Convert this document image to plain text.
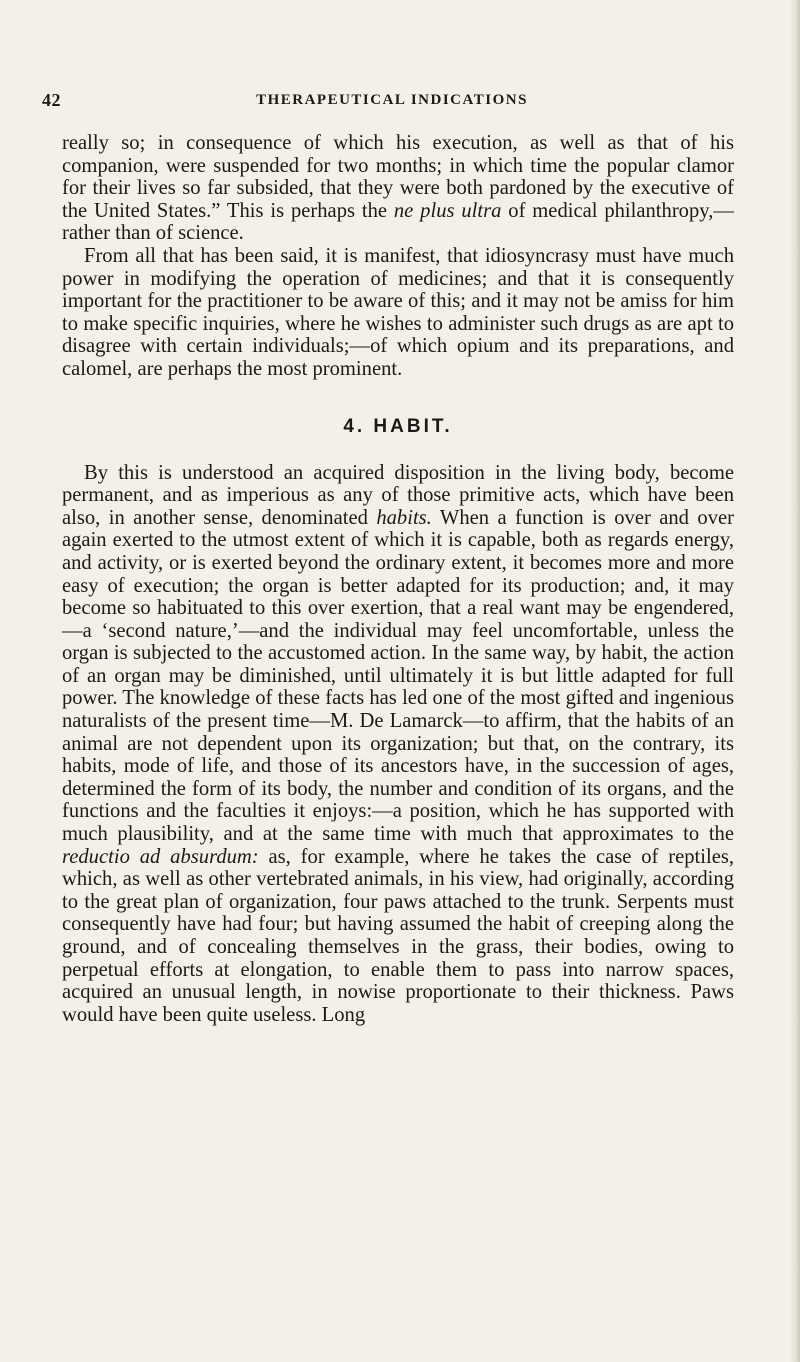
42	THERAPEUTICAL INDICATIONS

really so; in consequence of which his execution, as well as that of his companion, were suspended for two months; in which time the popular clamor for their lives so far subsided, that they were both pardoned by the executive of the United States.” This is perhaps the ne plus ultra of medical philanthropy,—rather than of science.

From all that has been said, it is manifest, that idiosyncrasy must have much power in modifying the operation of medicines; and that it is consequently important for the practitioner to be aware of this; and it may not be amiss for him to make specific inquiries, where he wishes to administer such drugs as are apt to disagree with certain individuals;—of which opium and its preparations, and calomel, are perhaps the most prominent.

4. HABIT.

By this is understood an acquired disposition in the living body, become permanent, and as imperious as any of those primitive acts, which have been also, in another sense, denominated habits. When a function is over and over again exerted to the utmost extent of which it is capable, both as regards energy, and activity, or is exerted beyond the ordinary extent, it becomes more and more easy of execution; the organ is better adapted for its production; and, it may become so habituated to this over exertion, that a real want may be engendered,—a ‘second nature,’—and the individual may feel uncomfortable, unless the organ is subjected to the accustomed action. In the same way, by habit, the action of an organ may be diminished, until ultimately it is but little adapted for full power. The knowledge of these facts has led one of the most gifted and ingenious naturalists of the present time—M. De Lamarck—to affirm, that the habits of an animal are not dependent upon its organization; but that, on the contrary, its habits, mode of life, and those of its ancestors have, in the succession of ages, determined the form of its body, the number and condition of its organs, and the functions and the faculties it enjoys:—a position, which he has supported with much plausibility, and at the same time with much that approximates to the reductio ad absurdum: as, for example, where he takes the case of reptiles, which, as well as other vertebrated animals, in his view, had originally, according to the great plan of organization, four paws attached to the trunk. Serpents must consequently have had four; but having assumed the habit of creeping along the ground, and of concealing themselves in the grass, their bodies, owing to perpetual efforts at elongation, to enable them to pass into narrow spaces, acquired an unusual length, in nowise proportionate to their thickness. Paws would have been quite useless. Long
